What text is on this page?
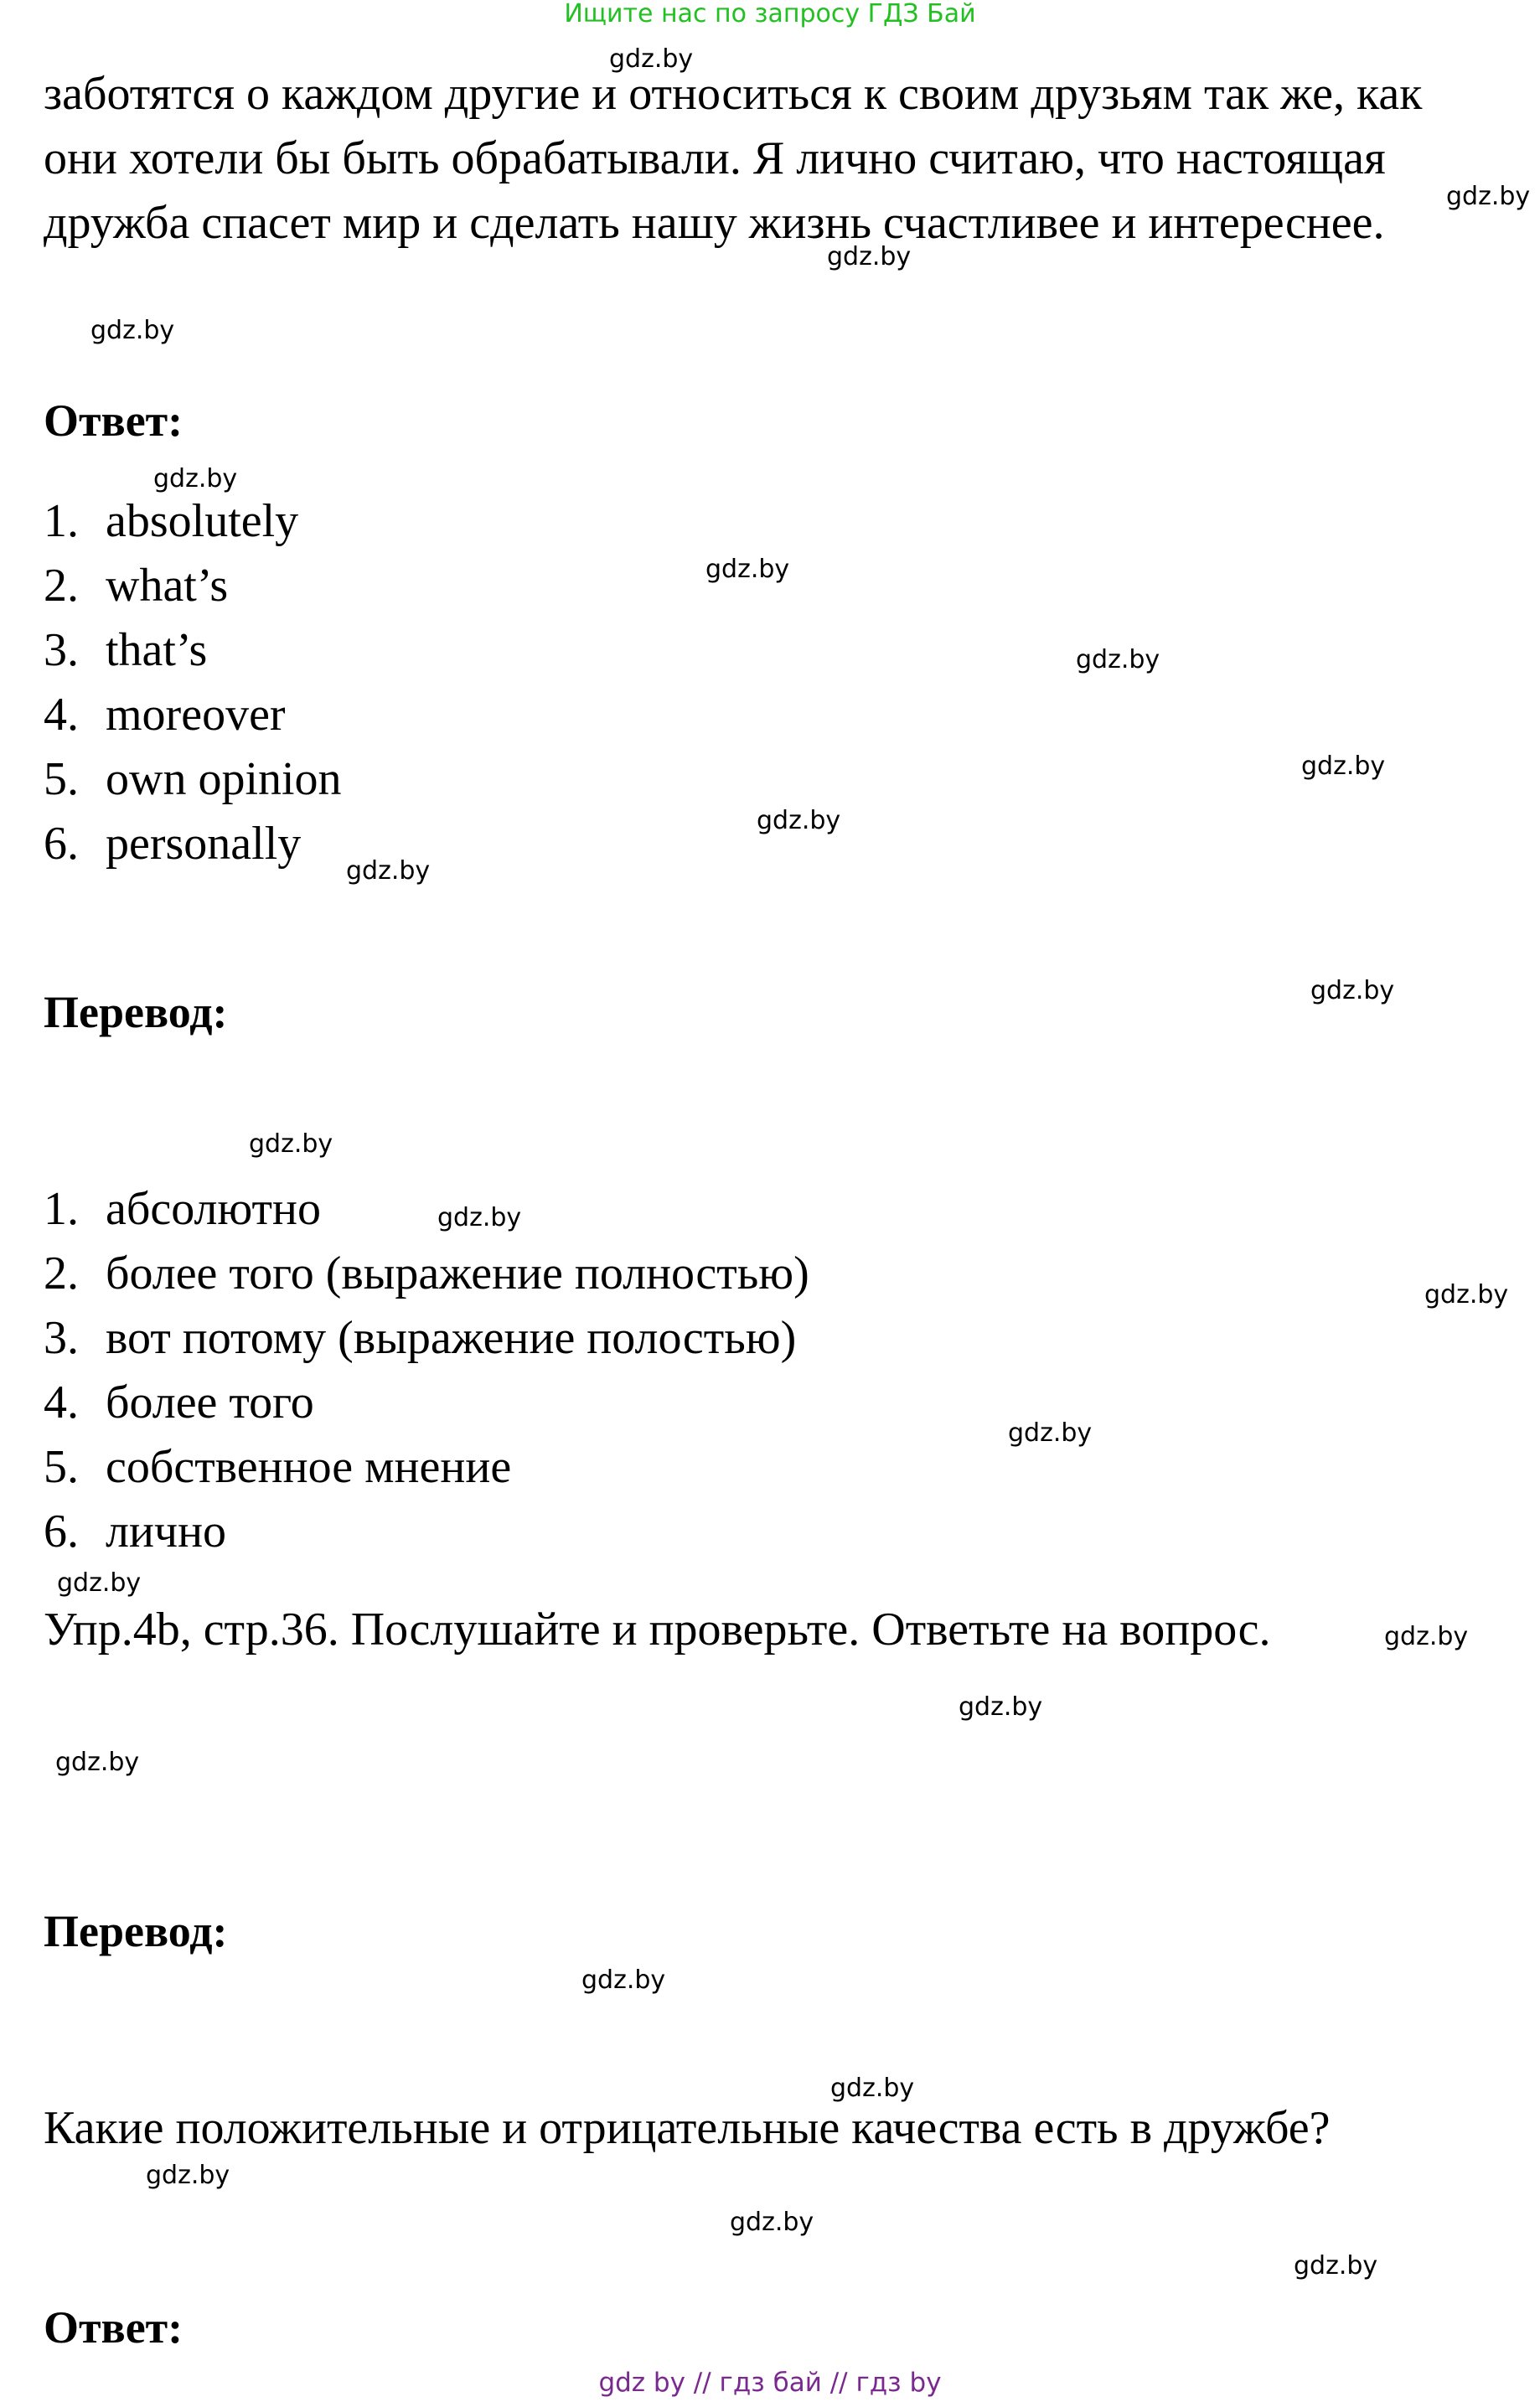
Ищите нас по запросу ГДЗ Бай
заботятся о каждом другие и относиться к своим друзьям так же, как
они хотели бы быть обрабатывали. Я лично считаю, что настоящая
дружба спасет мир и сделать нашу жизнь счастливее и интереснее.
Ответ:
1. absolutely
2. what’s
3. that’s
4. moreover
5. own opinion
6. personally
Перевод:
1. абсолютно
2. более того (выражение полностью)
3. вот потому (выражение полостью)
4. более того
5. собственное мнение
6. лично
Упр.4b, стр.36. Послушайте и проверьте. Ответьте на вопрос.
Перевод:
Какие положительные и отрицательные качества есть в дружбе?
Ответ:
gdz.by
gdz.by
gdz.by
gdz.by
gdz.by
gdz.by
gdz.by
gdz.by
gdz.by
gdz.by
gdz.by
gdz.by
gdz.by
gdz.by
gdz.by
gdz.by
gdz.by
gdz.by
gdz.by
gdz.by
gdz.by
gdz.by
gdz.by
gdz.by
gdz by // гдз бай // гдз by
